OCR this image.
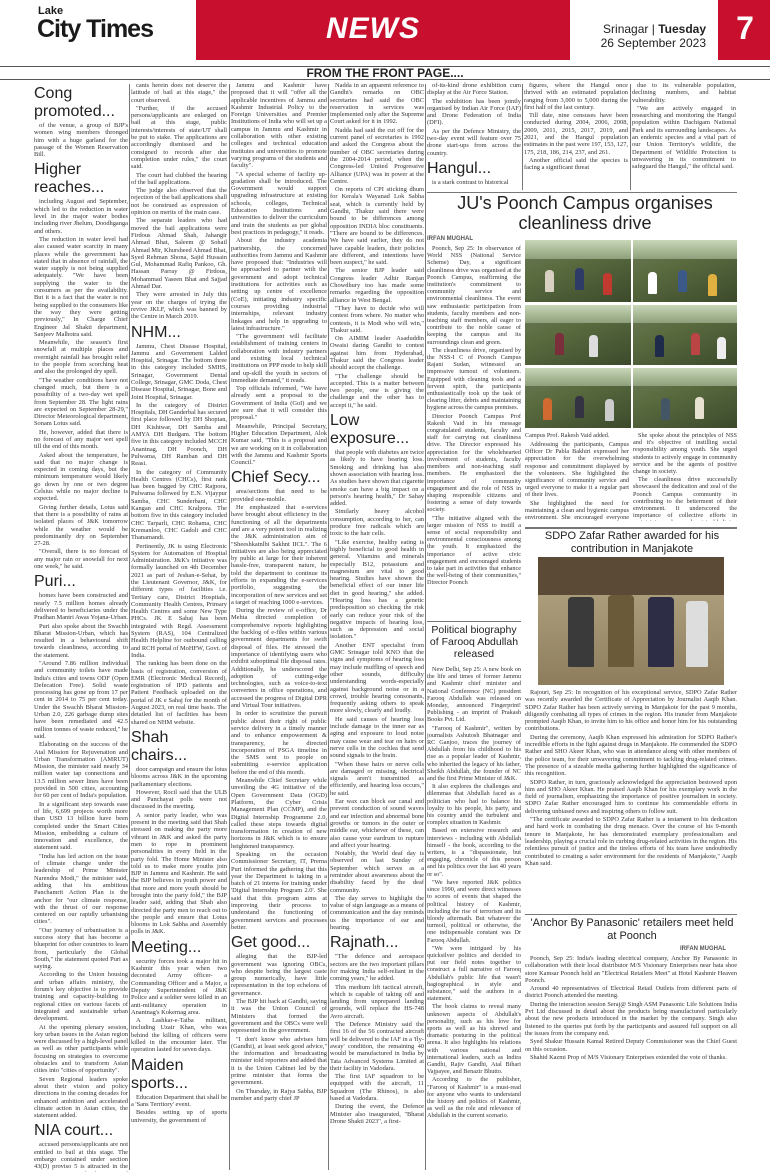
Lake
City Times	NEWS	Srinagar | Tuesday
26 September 2023 7
FROM THE FRONT PAGE....
Cong promoted...

of the venue, a group of BJP's women wing members thronged him with a huge garland for the passage of the Women Reservation Bill.

Higher reaches...

including August and September, which led to the reduction in water level in the major water bodies including river Jhelum, Doodhganga and others.

The reduction in water level had also caused water scarcity in many places while the government has stated that in absence of rainfall, the water supply is not being supplied adequately. "We have been supplying the water to the consumers as per the availability. But it is a fact that the water is not being supplied to the consumers like the way they were getting previously," In Charge Chief Engineer Jal Shakti department, Sanjeev Malhotra said.

Meanwhile, the season's first snowfall at multiple places and overnight rainfall has brought relief to the people from scorching heat and also the prolonged dry spell.

"The weather conditions have not changed much, but there is a possibility of a two-day wet spell from September 28. The light rains are expected on September 28-29," Director Meteorological department, Sonam Lotus said.

He, however, added that there is no forecast of any major wet spell till the end of this month.

Asked about the temperature, he said that no major change is expected in coming days, but the minimum temperature would likely go down by one or two degree Celsius while no major decline is expected.

Giving further details, Lotus said that there is a possibility of rains at isolated places of J&K tomorrow while the weather would be predominantly dry on September 27-28.

"Overall, there is no forecast of any major rain or snowfall for next one week," he said.

Puri...

homes have been constructed and nearly 7.5 million homes already delivered to beneficiaries under the Pradhan Mantri Awas Yojana-Urban.

Puri also spoke about the Swachh Bharat Mission-Urban, which has resulted in a behavioural shift towards cleanliness, according to the statement.

"Around 7.86 million individual and community toilets have made India's cities and towns ODF (Open Defecation Free). Solid waste processing has gone up from 17 per cent in 2014 to 75 per cent today. Under the Swachh Bharat Mission-Urban 2.0, 226 garbage dump sites have been remediated and 42.5 million tonnes of waste reduced," he said.

Elaborating on the success of the Atal Mission for Rejuvenation and Urban Transformation (AMRUT) Mission, the minister said nearly 34 million water tap connections and 13.5 million sewer lines have been provided in 500 cities, accounting for 60 per cent of India's population.

In a significant step towards ease of life, 6,699 projects worth more than USD 13 billion have been completed under the Smart Cities Mission, embedding a culture of innovation and excellence, the statement said.

"India has led action on the issue of climate change under the leadership of Prime Minister Narendra Modi," the minister said, adding that his ambitious Panchamrit Action Plan is the anchor for "our climate response, with the thrust of our response centered on our rapidly urbanising cities".

"Our journey of urbanisation is a success story that has become a blueprint for other countries to learn from, particularly the Global South," the statement quoted Puri as saying.

According to the Union housing and urban affairs ministry, the forum's key objective is to provide training and capacity-building to regional cities on various facets of integrated and sustainable urban development.

At the opening plenary session, key urban issues in the Asian region were discussed by a high-level panel as well as other participants while focusing on strategies to overcome obstacles and to transform Asian cities into "cities of opportunity".

Seven Regional leaders spoke about their vision and policy directions in the coming decades for enhanced ambition and accelerated climate action in Asian cities, the statement added.

NIA court...

accused persons/applicants are not entitled to bail at this stage. The embargo contained under section 43(D) proviso 5 is attracted in the

cants herein does not deserve the latitude of bail at this stage," the court observed.

"Further, if the accused persons/applicants are enlarged on bail at this stage, public interests/interests of state/UT shall be put to stake. The applications are accordingly dismissed and be consigned to records after due completion under rules," the court said.

The court had clubbed the hearing of the bail applications.

The judge also observed that the rejection of the bail applications shall not be construed as expression of opinion on merits of the main case.

The separate leaders who had moved the bail applications were Firdous Ahmad Shah, Jahangir Ahmad Bhat, Saleem @ Sohail Ahmad Mir, Khursheed Ahmad Bhat, Syed Rehman Shona, Sajid Hussain Gul, Mohammad Rafiq Pankoo, Gh. Hassan Parray @ Firdous, Mohammad Yaseen Bhat and Sajjad Ahmad Dar.

They were arrested in July this year on the charges of trying the revive JKLF, which was banned by the Centre in March 2019.

NHM...

Jammu, Chest Disease Hospital, Jammu and Government Lalded Hospital, Srinagar. The bottom three in this category included SMHS, Srinagar, Government Dental College, Srinagar, GMC Doda, Chest Disease Hospital, Srinagar, Bone and Joint Hospital, Srinagar.

In the category of District Hospitals, DH Ganderbal has secured first place followed by DH Shopian, DH Kishtwar, DH Samba and AMYA DH Budgam. The bottom five in this category included MCCH Anantnag, DH Poonch, DH Pulwama, DH Ramban and DH Reasi.

In the category of Community Health Centres (CHCs), first rank has been bagged by CHC Rajpora, Pulwama followed by E.N. Vijaypur Samba, CHC Sunderbani, CHC Kangan and CHC Kralpora. The bottom five in this category included CHC Tarparli, CHC Rohama, CHC Kremanloo, CHC Gadoli and CHC Thanamandi.

Pertinently, JK is using Electronic System for Automation of Hospital Administration. J&K's initiative was formally launched on 4th December 2021 as part of Jeshan-e-Sehat, by the Lieutenant Governor, J&K, for different types of facilities i.e. Tertiary care, District Hospitals, Community Health Centres, Primary Health Centres and some New Type PHCs. JK E Sahaj has been integrated with Regd. Assessment System (RAS), 104 Centralized Health Helpline for outbound calling and RCH portal of MoHFW, Govt. of India.

The ranking has been done on the basis of registration, conversion of EMR (Electronic Medical Record), registration of IPD patients and Patient Feedback uploaded on the portal of JK e Sahaj for the month of August 2023, on real time basis. The detailed list of facilities has been shared on NHM website.

Shah chairs...

door campaign and ensure the lotus blooms across J&K in the upcoming parliamentary elections.

However, Rocil said that the ULB and Panchayat polls were not discussed in the meeting.

A senior party leader, who was present in the meeting said that Shah stressed on making the party more vibrant in J&K and asked the party men to rope in prominent personalities in every field in the party fold. The Home Minister also told us to make more youths join BJP in Jammu and Kashmir. He said the BJP believes in youth power and that more and more youth should be brought into the party fold," the BJP leader said, adding that Shah also directed the party men to reach out to the people and ensure that Lotus blooms in Lok Sabha and Assembly polls in J&K.

Meeting...

security forces took a major hit in Kashmir this year when two decorated Army officer- a Commanding Officer and a Major, a Deputy Superintendent of J&K Police and a soldier were killed in an anti-militancy operation in Anantnag's Kokernag area.

A Lashkar-e-Taiba militant, including Uzair Khan, who was behind the killing of officers were killed in the encounter later. The operation lasted for seven days.

Maiden sports...

Education Department that shall be a 'Sans Territory' event.

Besides setting up of sports university, the government of

Jammu and Kashmir have proposed that it will "offer all the applicable incentives of Jammu and Kashmir Industrial Policy to the Foreign Universities and Premier Institutions of India who will set up a campus in Jammu and Kashmir in collaboration with other existing colleges and technical education institutes and universities to promote varying programs of the students and faculty".

"A special scheme of facility up-gradation shall be introduced. The Government would support upgrading infrastructure at existing schools, colleges, Technical Education Institutions and universities to deliver the curriculum and train the students as per global best practices in pedagogy," it reads.

About the industry academia partnership, the concerned authorities from Jammu and Kashmir have proposed that: "Industries will be approached to partner with the government and adopt technical institutions for activities such as setting up centre of excellence (CoE), initiating industry specific courses providing industrial internships, relevant industry linkages and help in upgrading to latest infrastructure."

"The government will facilitate establishment of training centers in collaboration with industry partners and existing local technical institutions on PPP mode to help skill and up-skill the youth in sectors of immediate demand," it reads.

Top officials informed, "We have already sent a proposal to the Government of India (GoI) and we are sure that it will consider this proposal."

Meanwhile, Principal Secretary, Higher Education Department, Alok Kumar said, "This is a proposal and we are working on it in collaboration with the Jammu and Kashmir Sports Council."

Chief Secy...

area/sections that need to be provided one-mobile.

He emphasized that e-services have brought about efficiency in the functioning of all the departments and are a very potent tool in realizing the J&K administration aim of "Sheeshkatnlbi Sakhnt IICL". The 6 initiatives are also being appreciated by public at large for their inherent hassle-free, transparent nature, he told the department to continue its efforts in expanding the e-services portfolio, suggesting the incorporation of new services and set a target of reaching 1000 e-services.

During the review of e-office, Dr Mehta directed completion of comprehensive reports highlighting the backlog of e-files within various government departments for swift disposal of files. He stressed the importance of identifying users who exhibit suboptimal file disposal rates. Additionally, he underscored the adoption of cutting-edge technologies, such as voice-to-text converters in office operations, and accessed the progress of Digital DPR and Virtual Tour initiatives.

In order to scrutinize the pursuit public about their right of public service delivery in a timely manner and to enhance empowerment & transparency, he directed incorporation of PSGA timeline in the SMS sent to people on submitting e-service application before the end of this month.

Meanwhile Chief Secretary while unveiling the 4G initiative of the Open Government Data (OGD) Platform, the Cyber Crisis Management Plan (CCMP), and the Digital Internship Programme 2.0, called these steps towards digital transformation in creation of new horizons in J&K which is to ensure heightened transparency.

Speaking on the occasion Commissioner Secretary, IT, Prerna Puri informed the gathering that this year the Department is taking in a batch of 21 interns for training under 'Digital Internship Program 2.0'. She said that this program aims at improving their process to understand the functioning of government services and processes better.

Get good...

alleging that the BJP-led government was ignoring OBCs, who despite being the largest caste group numerically, have little representation in the top echelons of governance.

The BJP hit back at Gandhi, saying it was the Union Council of Ministers that formed the government and the OBCs were well represented in the government.

"I don't know who advises him (Gandhi), at least seek good advice," the information and broadcasting minister told reporters and added that it is the Union Cabinet led by the prime minister that forms the government.

On Thursday, in Rajya Sabha, BJP member and party chief JP

Nadda in an apparent reference to Gandhi's remarks on OBC secretaries had said the OBC reservation in services was implemented only after the Supreme Court asked for it in 1992.

Nadda had said the cut off for the current panel of secretaries is 1992 and asked the Congress about the number of OBC secretaries during the 2004-2014 period, when the Congress-led United Progressive Alliance (UPA) was in power at the Centre.

On reports of CPI sticking dhum for Kerala's Wayanad Lok Sabha seat, which is currently held by Gandhi, Thakur said there were bound to be differences among opposition INDIA bloc constituents. "There are bound to be differences. We have said earlier, they do not have capable leaders, their policies are different, and intentions have been suspect," he said.

The senior BJP leader said Congress leader Adhir Ranjan Chowdhury too has made some remarks regarding the opposition alliance in West Bengal.

"They have to decide who will contest from where. No matter who contests, it is Modi who will win," Thakur said.

On AIMIM leader Asaduddin Owaisi daring Gandhi to contest against him from Hyderabad, Thakur said the Congress leader should accept the challenge.

"The challenge should be accepted. This is a matter between two people, one is giving the challenge and the other has to accept it," he said.

Low exposure...

that people with diabetes are twice as likely to have hearing loss. Smoking and drinking has also shown association with hearing loss. As studies have shown that cigarette smoke can have a big impact on a person's hearing health," Dr Sahay added.

Similarly heavy alcohol consumption, according to her, can produce free radicals which are toxic to the hair cells.

"Like exercise, healthy eating is highly beneficial to good health in general. Vitamins and minerals especially B12, potassium and magnesium are vital to good hearing. Studies have shown the beneficial effect of our inner life diet in good hearing," she added. "Hearing loss has a genetic predisposition so checking the risk early can reduce your risk of the negative impacts of hearing loss, such as depression and social isolation."

Another ENT specialist from GMC Srinagar told KNO that the signs and symptoms of hearing loss may include muffling of speech and other sounds, difficulty understanding words-especially against background noise or in a crowd, trouble hearing consonants, frequently asking others to speak more slowly, clearly and loudly.

He said causes of hearing loss include damage to the inner ear as aging and exposure to loud noise may cause wear and tear on hairs or nerve cells in the cochlea that send sound signals to the brain.

"When these hairs or nerve cells are damaged or missing, electrical signals aren't transmitted as efficiently, and hearing loss occurs," he said.

Ear wax can block ear canal and prevent conduction of sound waves and ear infection and abnormal bone growths or tumors in the outer or middle ear, whichever of these, can also cause your eardrum to rupture and affect your hearing.

Notably, the World deaf day is observed on last Sunday of September which serves as a reminder about awareness about the disability faced by the deaf community.

The day serves to highlight the value of sign language as a means of communication and the day reminds us the importance of ear and hearing.

Rajnath...

"The defence and aerospace sectors are the two important pillars for making India self-reliant in the coming years," he added.

This medium lift tactical aircraft, which is capable of taking off and landing from unprepared landing grounds, will replace the HS-748 Avro aircraft.

The Defence Ministry said the first 16 of the 56 contracted aircraft will be delivered to the IAF in a 'fly-away' condition, the remaining 40 would be manufactured in India by Tata Advanced Systems Limited at their facility in Vadodara.

The first IAF squadron to be equipped with the aircraft, 11 Squadron (The Rhinos), is also based at Vadodara.

During the event, the Defence Minister also inaugurated, "Bharat Drone Shakti 2023", a first-

of-its-kind drone exhibition cum display at the Air Force Station.

The exhibition has been jointly organised by Indian Air Force (IAF) and Drone Federation of India (DFI).

As per the Defence Ministry, the two-day event will feature over 75 drone start-ups from across the country.

Hangul...

is a stark contrast to historical

figures, where the Hangul once thrived with an estimated population ranging from 3,000 to 5,000 during the first half of the last century.

Till date, nine censuses have been conducted during 2004, 2006, 2008, 2009, 2011, 2015, 2017, 2019, and 2021, and the Hangul population estimates in the past were 197, 153, 127, 175, 218, 186, 214, 237, and 261.

Another official said the species is facing a significant threat

due to its vulnerable population, declining numbers, and habitat vulnerability.

"We are actively engaged in researching and monitoring the Hangul population within Dachigam National Park and its surrounding landscapes. As an endemic species and a vital part of our Union Territory's wildlife, the Department of Wildlife Protection is unwavering in its commitment to safeguard the Hangul," the official said.

JU's Poonch Campus organises cleanliness drive
IRFAN MUGHAL

Poonch, Sep 25: In observance of World NSS (National Service Scheme) Day, a significant cleanliness drive was organised at the Poonch Campus, reaffirming the institution's commitment to community service and environmental cleanliness. The event saw enthusiastic participation from students, faculty members and non-teaching staff members, all eager to contribute to the noble cause of keeping the campus and its surroundings clean and green.

The cleanliness drive, organised by the NSS-I C of Poonch Campus Rajani Sudan, witnessed an impressive turnout of volunteers. Equipped with cleaning tools and a fervent spirit, the participants enthusiastically took up the task of clearing litter, debris and maintaining hygiene across the campus premises.

Director Poonch Campus Prof Rakesh Vaid in his message congratulated students, faculty and staff for carrying out cleanliness drive. The Director expressed his appreciation for the wholehearted involvement of students, faculty members and non-teaching staff members. He emphasized the importance of community engagement and the role of NSS in shaping responsible citizens and fostering a sense of duty towards society.

"The initiative aligned with the larger mission of NSS to instill a sense of social responsibility and environmental consciousness among the youth. It emphasized the importance of active civic engagement and encouraged students to take part in activities that enhance the well-being of their communities," Director Poonch

Campus Prof. Rakesh Vaid added.

Addressing the participants, Campus Officer Dr Pabla Bakhiri expressed her appreciation for the overwhelming response and commitment displayed by the volunteers. She highlighted the significance of community service and urged everyone to make it a regular part of their lives.

She highlighted the need for maintaining a clean and hygienic campus environment. She encouraged everyone

She spoke about the principles of NSS and it's objective of instilling social responsibility among youth. She urged students to actively engage in community service and be the agents of positive change in society.

The cleanliness drive successfully showcased the dedication and zeal of the Poonch Campus community in contributing to the betterment of their environment. It underscored the importance of collective efforts in

Political biography of Farooq Abdullah released

New Delhi, Sep 25: A new book on the life and times of former Jammu and Kashmir chief minister and National Conference (NC) president Farooq Abdullah was released on Monday, announced Fingerprint! Publishing - an imprint of Prakash Books Pvt. Ltd.

"Farooq of Kashmir", written by journalists Ashutosh Bhatnagar and RC Ganjoo, traces the journey of Abdullah from his childhood to his rise as a popular leader of Kashmir, who inherited the legacy of his father, Sheikh Abdullah, the founder of NC and the first Prime Minister of J&K.

It also explores the challenges and dilemmas that Abdullah faced as a politician who had to balance his loyalty to his people, his party, and his country amid the turbulent and complex situation in Kashmir.

Based on extensive research and interviews - including with Abdullah himself - the book, according to the writers, is a "dispassionate, but engaging, chronicle of this person and his politics over the last 40 years or so".

"We have reported J&K politics since 1990, and were direct witnesses to scores of events that shaped the political history of Kashmir, including the rise of terrorism and its bloody aftermath. But whatever the turmoil, political or otherwise, the one indispensable constant was Dr Farooq Abdullah.

"We were intrigued by his quicksilver politics and decided to put our field notes together to construct a full narrative of Farooq Abdullah's public life that wasn't hagiographical in style and substance," said the authors in a statement.

The book claims to reveal many unknown aspects of Abdullah's personality, such as his love for sports as well as his shrewd and dramatic posturing in the political arena. It also highlights his relations with various national and international leaders, such as Indira Gandhi, Rajiv Gandhi, Atal Bihari Vajpayee, and Benazir Bhutto.

According to the publisher, "Farooq of Kashmir" is a must-read for anyone who wants to understand the history and politics of Kashmir, as well as the role and relevance of Abdullah in the current scenario.

SDPO Zafar Rather awarded for his contribution in Manjakote

Rajouri, Sep 25: In recognition of his exceptional service, SDPO Zafar Rather was recently awarded the Certificate of Appreciation by Journalist Aaqib Khan. SDPO Zafar Rather has been actively serving in Manjakote for the past 9 months, diligently combating all types of crimes in the region. His transfer from Manjakote prompted Aaqib Khan, to invite him to his office and honor him for his outstanding contributions.

During the ceremony, Aaqib Khan expressed his admiration for SDPO Rather's incredible efforts in the fight against drugs in Manjakote. He commended the SDPO Rather and SHO Akeer Khan, who was in attendance along with other members of the police team, for their unwavering commitment to tackling drug-related crimes. The presence of a sizeable media gathering further highlighted the significance of this recognition.

SDPO Rather, in turn, graciously acknowledged the appreciation bestowed upon him and SHO Akeer Khan. He praised Aaqib Khan for his exemplary work in the field of journalism, emphasizing the importance of positive journalism in society. SDPO Zafar Rather encouraged him to continue his commendable efforts in delivering unbiased news and inspiring others to follow suit.

"The certificate awarded to SDPO Zafar Rather is a testament to his dedication and hard work in combating the drug menace. Over the course of his 9-month tenure in Manjakote, he has demonstrated exemplary professionalism and leadership, playing a crucial role in curbing drug-related activities in the region. His relentless pursuit of justice and the tireless efforts of his team have undoubtedly contributed to creating a safer environment for the residents of Manjakote," Aaqib Khan said.

'Anchor By Panasonic' retailers meet held at Poonch
IRFAN MUGHAL

Poonch, Sep 25: India's leading electrical company, Anchor By Panasonic in collaboration with their local distributor M/S Visionary Enterprises near bata shoe store Kamsar Poonch held an "Electrical Retailers Meet" at Hotel Kashmir Heaven Poonch.

Around 40 representatives of Electrical Retail Outlets from different parts of district Poonch attended the meeting.

During the interaction session Seraj@ Singh ASM Panasonic Life Solutions India Pvt Ltd discussed in detail about the products being manufactured particularly about the new products introduced in the market by the company. Singh also listened to the queries put forth by the participants and assured full support on all the issues from the company end.

Syed Shakur Hussain Kamal Retired Deputy Commissioner was the Chief Guest on this occasion.

Shahid Kazmi Prop of M/S Visionary Enterprises extended the vote of thanks.
